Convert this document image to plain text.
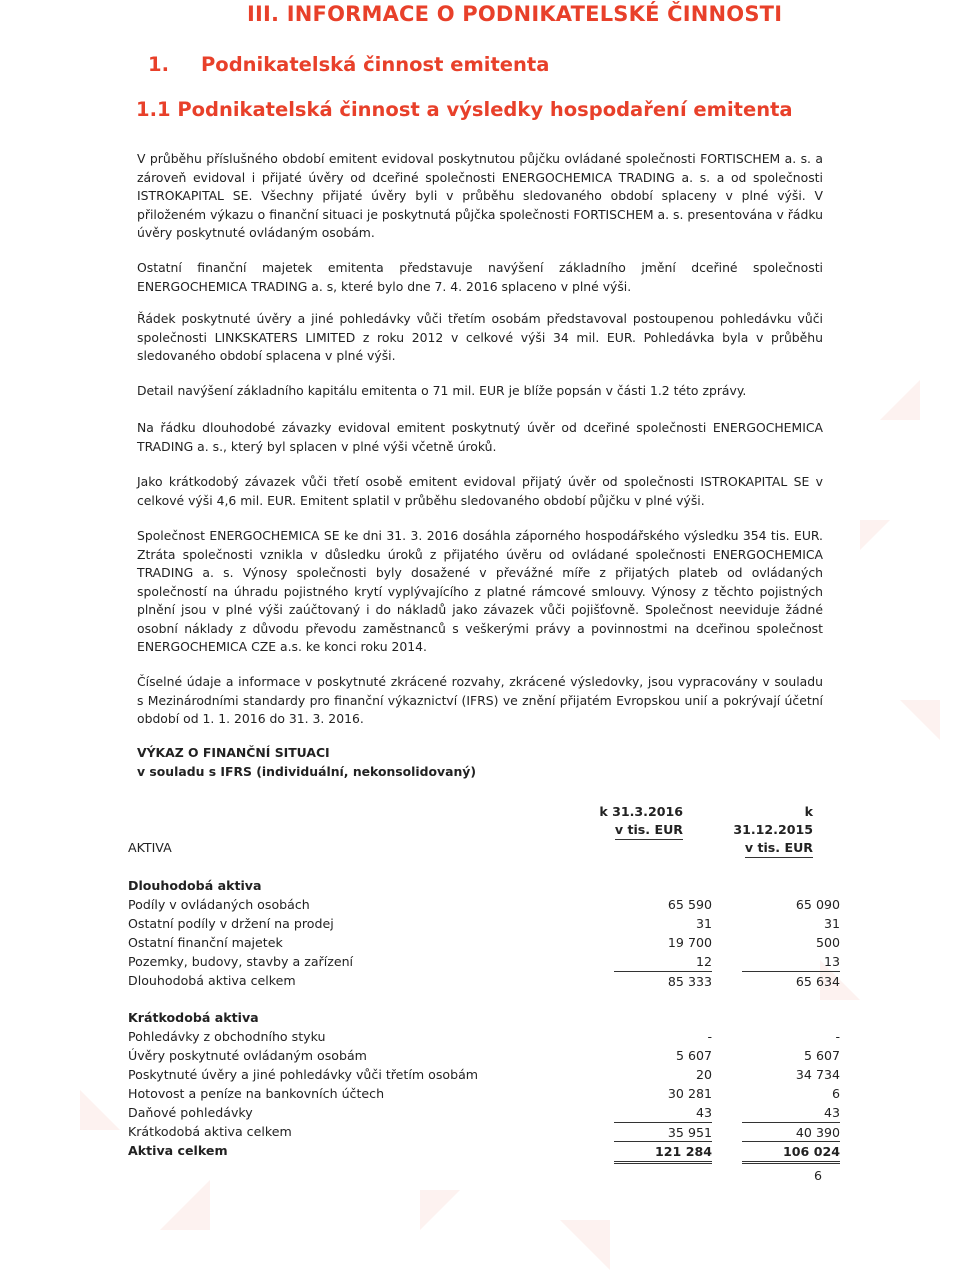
III. INFORMACE O PODNIKATELSKÉ ČINNOSTI
1. Podnikatelská činnost emitenta
1.1 Podnikatelská činnost a výsledky hospodaření emitenta

V průběhu příslušného období emitent evidoval poskytnutou půjčku ovládané společnosti FORTISCHEM a. s. a zároveň evidoval i přijaté úvěry od dceřiné společnosti ENERGOCHEMICA TRADING a. s. a od společnosti ISTROKAPITAL SE. Všechny přijaté úvěry byli v průběhu sledovaného období splaceny v plné výši. V přiloženém výkazu o finanční situaci je poskytnutá půjčka společnosti FORTISCHEM a. s. presentována v řádku úvěry poskytnuté ovládaným osobám.

Ostatní finanční majetek emitenta představuje navýšení základního jmění dceřiné společnosti ENERGOCHEMICA TRADING a. s, které bylo dne 7. 4. 2016 splaceno v plné výši.

Řádek poskytnuté úvěry a jiné pohledávky vůči třetím osobám představoval postoupenou pohledávku vůči společnosti LINKSKATERS LIMITED z roku 2012 v celkové výši 34 mil. EUR. Pohledávka byla v průběhu sledovaného období splacena v plné výši.

Detail navýšení základního kapitálu emitenta o 71 mil. EUR je blíže popsán v části 1.2 této zprávy.

Na řádku dlouhodobé závazky evidoval emitent poskytnutý úvěr od dceřiné společnosti ENERGOCHEMICA TRADING a. s., který byl splacen v plné výši včetně úroků.

Jako krátkodobý závazek vůči třetí osobě emitent evidoval přijatý úvěr od společnosti ISTROKAPITAL SE v celkové výši 4,6 mil. EUR. Emitent splatil v průběhu sledovaného období půjčku v plné výši.

Společnost ENERGOCHEMICA SE ke dni 31. 3. 2016 dosáhla záporného hospodářského výsledku 354 tis. EUR. Ztráta společnosti vznikla v důsledku úroků z přijatého úvěru od ovládané společnosti ENERGOCHEMICA TRADING a. s. Výnosy společnosti byly dosažené v převážné míře z přijatých plateb od ovládaných společností na úhradu pojistného krytí vyplývajícího z platné rámcové smlouvy. Výnosy z těchto pojistných plnění jsou v plné výši zaúčtovaný i do nákladů jako závazek vůči pojišťovně. Společnost neeviduje žádné osobní náklady z důvodu převodu zaměstnanců s veškerými právy a povinnostmi na dceřinou společnost ENERGOCHEMICA CZE a.s. ke konci roku 2014.

Číselné údaje a informace v poskytnuté zkrácené rozvahy, zkrácené výsledovky, jsou vypracovány v souladu s Mezinárodními standardy pro finanční výkaznictví (IFRS) ve znění přijatém Evropskou unií a pokrývají účetní období od 1. 1. 2016 do 31. 3. 2016.

VÝKAZ O FINANČNÍ SITUACI
v souladu s IFRS (individuální, nekonsolidovaný)
k 31.3.2016
v tis. EUR
k 31.12.2015
v tis. EUR
AKTIVA
Dlouhodobá aktiva
Podíly v ovládaných osobách	65 590	65 090
Ostatní podíly v držení na prodej	31	31
Ostatní finanční majetek	19 700	500
Pozemky, budovy, stavby a zařízení	12	13
Dlouhodobá aktiva celkem	85 333	65 634
Krátkodobá aktiva
Pohledávky z obchodního styku	-	-
Úvěry poskytnuté ovládaným osobám	5 607	5 607
Poskytnuté úvěry a jiné pohledávky vůči třetím osobám	20	34 734
Hotovost a peníze na bankovních účtech	30 281	6
Daňové pohledávky	43	43
Krátkodobá aktiva celkem	35 951	40 390
Aktiva celkem	121 284	106 024
6
